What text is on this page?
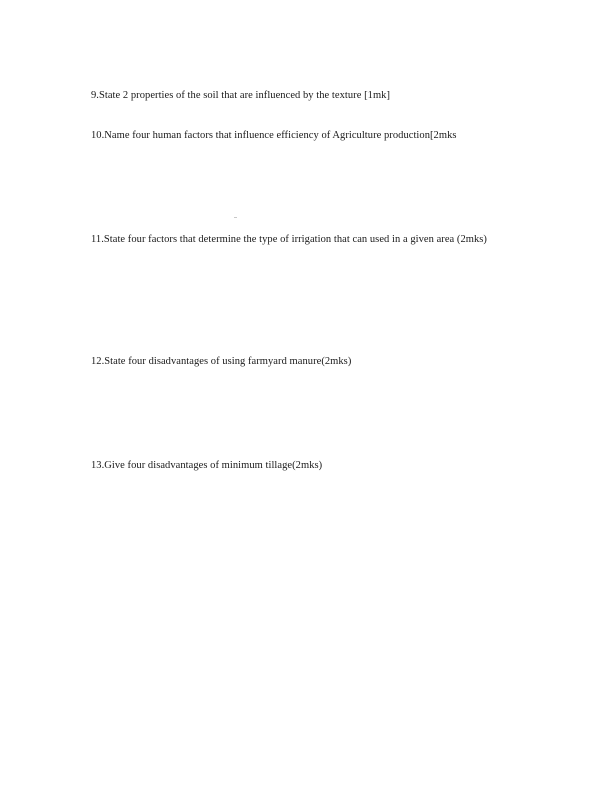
9.State 2 properties of the soil that are influenced by the texture [1mk]
10.Name four human factors that influence efficiency of Agriculture production[2mks
11.State four factors that determine the type of irrigation that can used in a given area (2mks)
12.State four disadvantages of using farmyard manure(2mks)
13.Give four disadvantages of minimum tillage(2mks)
